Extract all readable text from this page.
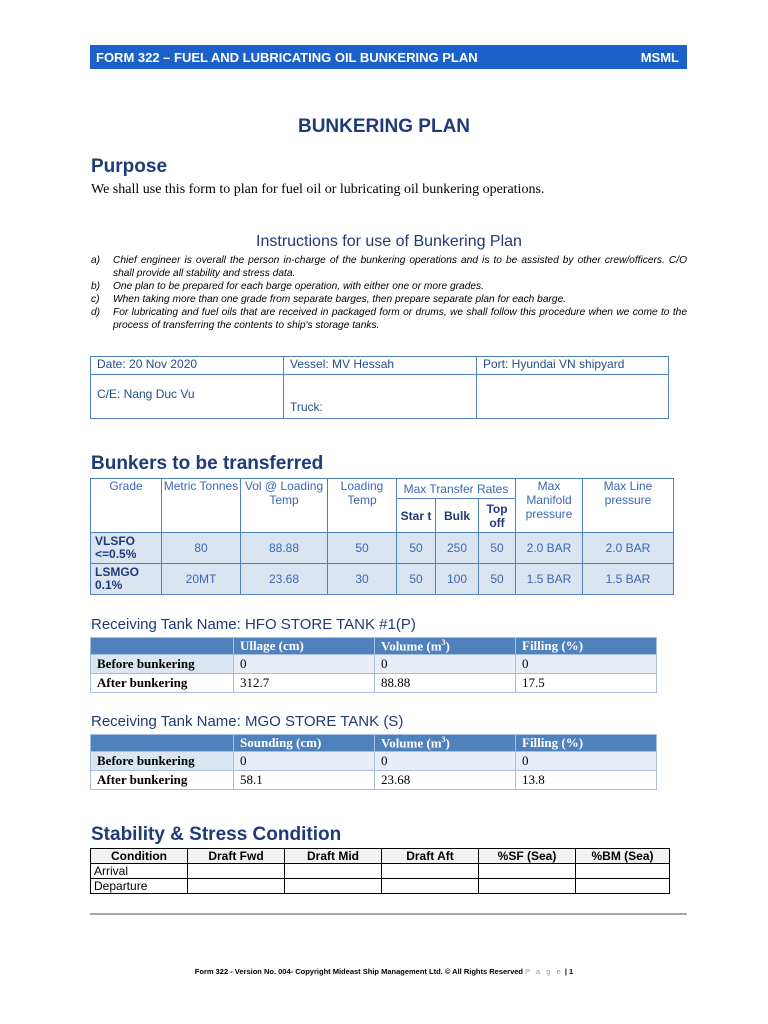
FORM 322 – FUEL AND LUBRICATING OIL BUNKERING PLAN	MSML
BUNKERING PLAN
Purpose
We shall use this form to plan for fuel oil or lubricating oil bunkering operations.
Instructions for use of Bunkering Plan
a) Chief engineer is overall the person in-charge of the bunkering operations and is to be assisted by other crew/officers. C/O shall provide all stability and stress data.
b) One plan to be prepared for each barge operation, with either one or more grades.
c) When taking more than one grade from separate barges, then prepare separate plan for each barge.
d) For lubricating and fuel oils that are received in packaged form or drums, we shall follow this procedure when we come to the process of transferring the contents to ship's storage tanks.
Date: 20 Nov 2020	Vessel: MV Hessah	Port: Hyundai VN shipyard
C/E: Nang Duc Vu	Truck:	
Bunkers to be transferred
Grade	Metric Tonnes	Vol @ Loading Temp	Loading Temp	Max Transfer Rates			Max Manifold pressure	Max Line pressure
				Star t	Bulk	Top off		
VLSFO <=0.5%	80	88.88	50	50	250	50	2.0 BAR	2.0 BAR
LSMGO 0.1%	20MT	23.68	30	50	100	50	1.5 BAR	1.5 BAR
Receiving Tank Name: HFO STORE TANK #1(P)
	Ullage (cm)	Volume $(m^3)$	Filling (%)
Before bunkering	0	0	0
After bunkering	312.7	88.88	17.5
Receiving Tank Name: MGO STORE TANK (S)
	Sounding (cm)	Volume $(m^3)$	Filling (%)
Before bunkering	0	0	0
After bunkering	58.1	23.68	13.8
Stability & Stress Condition
Condition	Draft Fwd	Draft Mid	Draft Aft	%SF (Sea)	%BM (Sea)
Arrival					
Departure					
Form 322 - Version No. 004- Copyright Mideast Ship Management Ltd. © All Rights Reserved P a g e | 1
